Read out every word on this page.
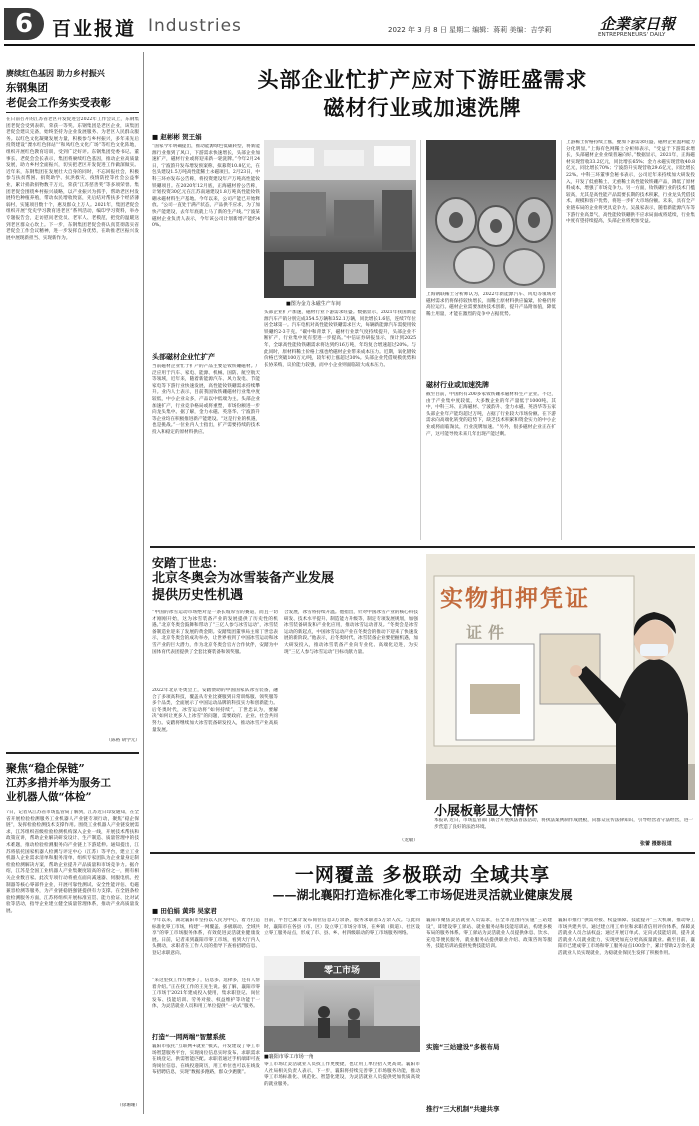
6 百业报道 Industries	2022 年 3 月 8 日 星期二 编辑：蒋莉 美编：吉学莉	企業家日報
ENTREPRENEURS' DAILY
赓续红色基因 助力乡村振兴
东钢集团
老促会工作务实受表彰
在日前召开的江苏省老区开发促进会2022年工作会议上，东钢集团老促会受到表彰，荣获一等奖。东钢集团是老区企业，该集团老促会建议完备，始终坚持为企业发展服务、为老区人民群众服务。以红色文化凝聚发展力量，积极参与乡村振兴，多年来先后投资建设“溧水红色驿站”“和凤红色文化广场”等红色文化阵地，组织开展红色教育培训，受到广泛好评。东钢集团党委书记、董事长、老促会会长表示，集团将赓续红色基因，推动企业高质量发展，助力乡村全面振兴，切实把老区开发促进工作做深做实。近年来，东钢集团在发展壮大自身的同时，不忘回报社会，积极参与扶贫帮困、捐资助学、抗洪救灾、疫情防控等社会公益事业，累计捐款捐物数千万元，荣获“江苏慈善奖”等多项荣誉。集团老促会围绕乡村振兴战略，以产业振兴为抓手，帮助老区村发展特色种植养殖，带动农民增收致富，先后结对帮扶多个经济薄弱村，实施项目数十个，惠及群众上万人。2021年，集团老促会组织开展“党史学习教育进老区”系列活动，编印学习资料，举办专题报告会，走访慰问老党员、老军人、老模范，把党的温暖送到老区群众心坎上。下一步，东钢集团老促会将认真贯彻落实省老促会工作会议精神，进一步发挥自身优势，在助推老区振兴发展中展现新担当、实现新作为。
（陈裕 胡学元）
聚焦“稳企保链”
江苏多措并举为服务工
业机器人做“体检”
7日，记者从江苏省市场监管局了解到，江苏近日印发通知，在全省开展检验检测服务工业机器人产业链专项行动，聚焦“稳企保链”，发挥检验检测技术支撑作用。围绕工业机器人产业链发展需求，江苏组织省级检验检测机构深入企业一线，开展技术帮扶和政策宣讲，帮助企业解决研发设计、生产制造、质量管理中的技术难题，推动检验检测服务向产业链上下游延伸。通知提出，江苏将依托国家机器人检测与评定中心（江苏）等平台，建立工业机器人企业需求清单和服务清单，组织专家团队为企业量身定制检验检测解决方案，帮助企业提升产品质量和市场竞争力。据介绍，江苏是全国工业机器人产业集聚度较高的省份之一，拥有相关企业数百家。此次专项行动将重点面向减速器、伺服电机、控制器等核心零部件企业，开展可靠性测试、安全性能评估、电磁兼容检测等服务，为产业链稳链强链提供有力支撑。在全链条检验检测服务方面，江苏将组织开展标准宣贯、能力验证、比对试验等活动，指导企业建立健全质量管理体系，推动产业高质量发展。
（徐珊珊）
头部企业忙扩产应对下游旺盛需求
磁材行业或加速洗牌
■ 赵彬彬 贺王娟
“国家今年明确提出，推动能源绿色低碳转型，将新能源行业推到了风口，下游需求快速增长，头部企业加速扩产，磁材行业或将迎来新一轮洗牌。”今年2月24日，宁波韵升发布增发预案称，拟募资10.8亿元，在包头建设1.5万吨高性能稀土永磁项目。2月23日，中科三环亦发布公告称，将投资建设年产万吨高性能钕铁硼项目。在2020年12月底，正海磁材曾公告称，计划投资30亿元在江苏南通建设1.8万吨高性能钕铁硼永磁材料生产基地。今年以来，公司产能已开始释放。“公司一直处于满产状态，产品供不应求，为了加快产能建设，去年年底就上马了新的生产线。”宁波某磁材企业负责人表示，今年该公司计划新增产能约40%。
头部磁材企业忙扩产
当前磁材企业忙于扩产的产品主要是钕铁硼磁材。广泛应用于汽车、家电、能源、机械、国防、航空航天等领域，近年来，随着新能源汽车、风力发电、节能家电等下游行业快速发展，高性能钕铁硼需求持续攀升。业内人士表示，目前我国钕铁硼磁材行业集中度较低，中小企业众多，产品以中低端为主。头部企业加速扩产，行业竞争格局或将重塑，市场份额进一步向龙头集中。据了解，金力永磁、英洛华、宁波韵升等企业均在积极推进新产能建设。“这是行业的机遇，也是挑战。”一位业内人士指出，扩产需要持续的技术投入和稳定的原材料供应。
■图为金力永磁生产车间
头部企业扩产加速，磁材行业下游需求旺盛。数据显示，2021年我国新能源汽车产销分别完成354.5万辆和352.1万辆，同比增长1.6倍，连续7年位居全球第一。汽车电机对高性能钕铁硼需求巨大，每辆新能源汽车需使用钕铁硼约2-3千克。“碳中和背景下，磁材行业景气度持续提升，头部企业不断扩产，行业集中度有望进一步提高。”中信证券研报显示，预计到2025年，全球高性能钕铁硼需求将达到约16万吨，年均复合增速超过20%。与此同时，原材料稀土价格上涨也给磁材企业带来成本压力。近期，氧化镨钕价格已突破100万元/吨，较年初上涨超过30%。头部企业凭借规模优势和长协采购，议价能力较强，而中小企业则面临较大成本压力。
上海钢联稀土分析师认为，2022年新能源汽车、风电等领域对磁材需求仍将保持较快增长，而稀土原材料供应偏紧，价格仍将高位运行。磁材企业需要加快技术创新，提升产品附加值，降低稀土用量，才能在激烈的竞争中占据优势。
磁材行业或加速洗牌
截至目前，中国约有200多家钕铁硼永磁材料生产企业。不过，由于产业集中度较低，大多数企业的年产量低于1000吨。其中，中科三环、正海磁材、宁波韵升、金力永磁、英洛华等五家头部企业年产能均超过万吨，占据了行业较大市场份额。在下游需求向高端化转变的趋势下，缺乏技术积累和资金实力的中小企业或将面临淘汰，行业洗牌加速。“另外，很多磁材企业正在扩产，这可能导致未来几年出现产能过剩。
上游稀土价格持续上涨，叠加下游需求旺盛，磁材企业盈利能力分化明显。”上海有色网稀土分析师表示，“受益于下游需求增长，头部磁材企业业绩普遍向好。”数据显示，2021年，正海磁材实现营收33.2亿元，同比增长65%；金力永磁实现营收40.8亿元，同比增长70%；宁波韵升实现营收29.6亿元，同比增长22%。中科三环董事会秘书表示，公司近年来持续加大研发投入，开发了低重稀土、无重稀土高性能钕铁硼产品，降低了原材料成本，增强了市场竞争力。另一方面，钕铁硼行业的技术门槛较高，尤其是高性能产品需要长期的技术积累，行业龙头凭借技术、规模和客户优势，将进一步扩大市场份额。未来，具有全产业链布局的企业将更具竞争力。吴晟家表示，随着新能源汽车等下游行业高景气，高性能钕铁硼供不应求局面或将延续，行业集中度有望持续提高，头部企业将更加受益。
安踏丁世忠：
北京冬奥会为冰雪装备产业发展
提供历史性机遇
“中国的冰雪运动市场绝对是一条长坡厚雪的赛道，而且一切才刚刚开始，这为冰雪装备产业的发展提供了历史性的机遇。”北京冬奥会鼓舞和带动了“三亿人参与冰雪运动”，冰雪装备制造业迎来了发展的黄金期。安踏集团董事局主席丁世忠表示，北京冬奥会的成功举办，让世界看到了中国冰雪运动和冰雪产业的巨大潜力，作为北京冬奥会官方合作伙伴，安踏为中国体育代表团提供了全套比赛装备和领奖服。
2022年北京冬奥会上，安踏赞助的中国国家队冰雪装备，融合了多项高科技，覆盖从专业比赛服到日常训练服、领奖服等多个品类，全面展示了中国运动品牌的科技实力和创新能力。后冬奥时代，冰雪运动将“如何持续”，丁世忠认为，要解决“如何让更多人上冰雪”的问题，需要政府、企业、社会共同努力。安踏将继续加大冰雪装备研发投入，推动冰雪产业高质量发展。
合发展，冰雪将持续升温。他指出，针对中国冰雪产业的核心科技研发、技术水平提升、制造能力升级等，制定专项发展规划，加强冰雪装备研发和产业化应用，推动冰雪运动普及。“冬奥会是冰雪运动的新起点，中国冰雪运动产业在冬奥会的推动下迎来了快速发展的新阶段。”他表示，后冬奥时代，冰雪装备企业要把握机遇，加大研发投入，推动冰雪装备产业向专业化、高端化迈进，为实现“三亿人参与冰雪运动”目标贡献力量。
（龙敏）
实物扣押凭证
证件
小展板彰显大情怀
本报讯 近日，市场监管部门联合开展执法普法活动，将执法案例制作成展板，向群众宣传法律知识，引导经营者守法经营，进一步营造了良好的法治环境。
张蕾 摄影报道
一网覆盖 多极联动 全域共享
——湖北襄阳打造标准化零工市场促进灵活就业健康发展
■ 田伯娟 黄玮 吴家君
今年以来，湖北襄阳市坚持以人民为中心，着力打造标准化零工市场，构建“一网覆盖、多极联动、全域共享”的零工市场服务体系，有效促进灵活就业健康发展。日前，记者来到襄阳市零工市场，看到大厅内人头攒动，求职者在工作人员的指导下查看招聘信息、登记求职意向。
“来这里找工作方便多了，信息多、选择多，还有人帮着介绍。”正在找工作的王先生说。据了解，襄阳市零工市场于2021年建成投入使用，集求职登记、岗位发布、技能培训、劳务对接、权益维护等功能于一体，为灵活就业人员和用工单位提供“一站式”服务。
打造“一网两端”智慧系统
襄阳市依托“互联网+就业”模式，开发建设了零工市场智慧服务平台，实现岗位信息实时发布、求职需求在线登记、供需智能匹配。求职者通过手机端即可查询岗位信息、在线投递简历，用工单位也可以在线发布招聘信息，实现“数据多跑路，群众少跑腿”。
目前，平台已累计发布岗位信息3万余条，服务求职者5万余人次。与此同时，襄阳市在各县（市、区）设立零工市场分市场，在乡镇（街道）、社区设立零工服务站点，形成了市、县、乡、村四级联动的零工市场服务网络。
零工市场
■襄阳市零工市场一角
零工市场让灵活就业人员找工作更便捷，也让用工单位招人更高效。襄阳市人社局相关负责人表示，下一步，襄阳将持续完善零工市场服务功能，推动零工市场标准化、规范化、智慧化建设，为灵活就业人员提供更加优质高效的就业服务。
襄阳市聚焦灵活就业人员需求，在全市范围内实施“三站建设”，即建设零工驿站、就业服务站和技能培训站，构建多极布局的服务体系。零工驿站为灵活就业人员提供休息、饮水、充电等便民服务，就业服务站提供职业介绍、政策咨询等服务，技能培训站提供免费技能培训。
实施“三站建设”多极布局
推行“三大机制”共建共享
襄阳市推行“供需对接、权益保障、技能提升”三大机制，推动零工市场共建共享。通过建立用工单位和求职者信用评价体系，保障灵活就业人员合法权益；通过开展订单式、定向式技能培训，提升灵活就业人员就业能力，实现更加充分更高质量就业。截至目前，襄阳市已建成零工市场和零工服务站点100余个，累计帮助2万余名灵活就业人员实现就业，为稳就业保民生发挥了积极作用。
